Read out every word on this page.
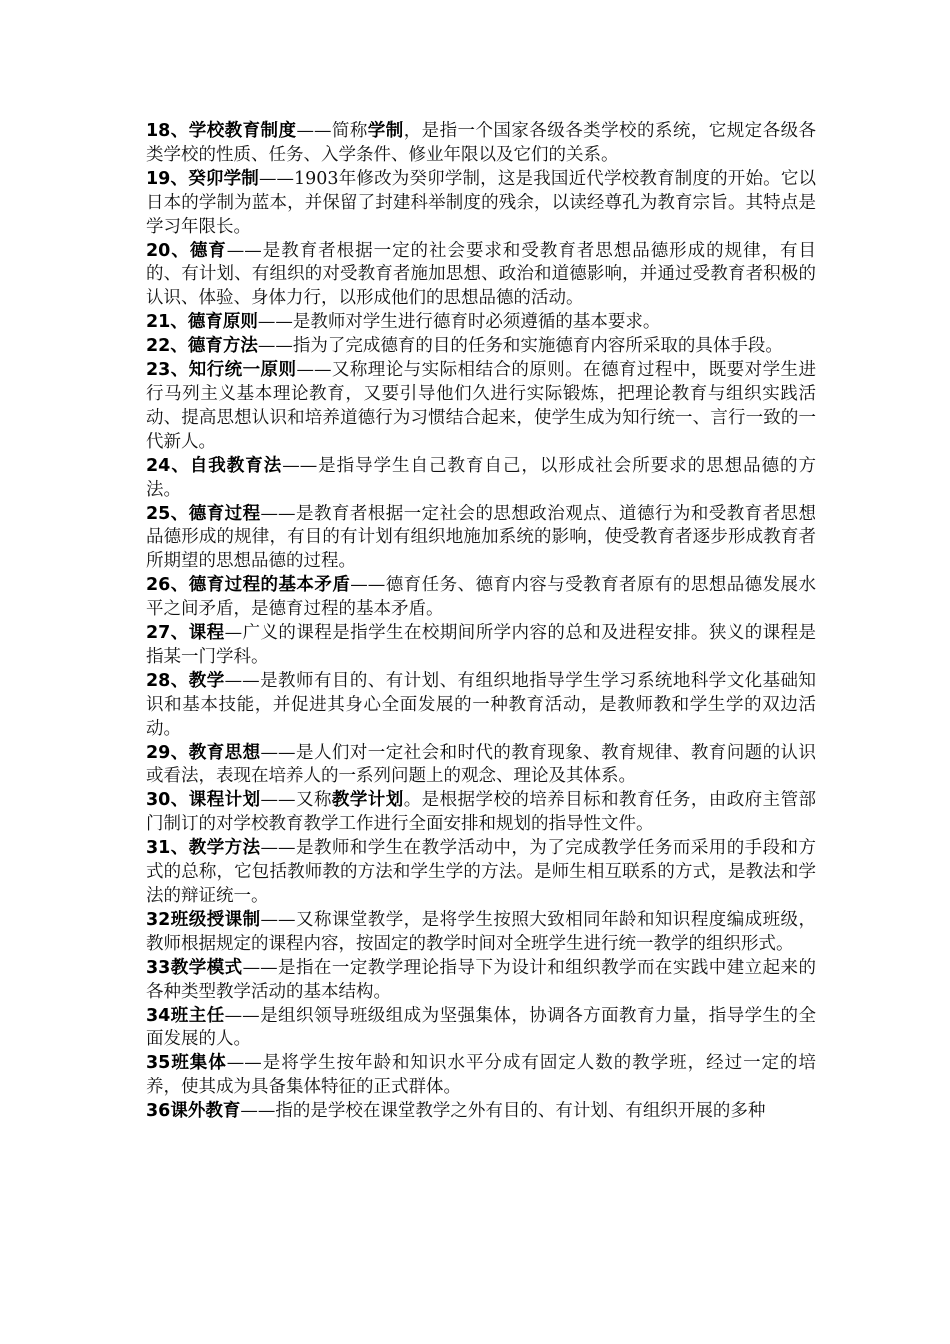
18、学校教育制度——简称学制，是指一个国家各级各类学校的系统，它规定各级各类学校的性质、任务、入学条件、修业年限以及它们的关系。

19、癸卯学制——1903年修改为癸卯学制，这是我国近代学校教育制度的开始。它以日本的学制为蓝本，并保留了封建科举制度的残余，以读经尊孔为教育宗旨。其特点是学习年限长。

20、德育——是教育者根据一定的社会要求和受教育者思想品德形成的规律，有目的、有计划、有组织的对受教育者施加思想、政治和道德影响，并通过受教育者积极的认识、体验、身体力行，以形成他们的思想品德的活动。

21、德育原则——是教师对学生进行德育时必须遵循的基本要求。

22、德育方法——指为了完成德育的目的任务和实施德育内容所采取的具体手段。

23、知行统一原则——又称理论与实际相结合的原则。在德育过程中，既要对学生进行马列主义基本理论教育，又要引导他们久进行实际锻炼，把理论教育与组织实践活动、提高思想认识和培养道德行为习惯结合起来，使学生成为知行统一、言行一致的一代新人。

24、自我教育法——是指导学生自己教育自己，以形成社会所要求的思想品德的方法。

25、德育过程——是教育者根据一定社会的思想政治观点、道德行为和受教育者思想品德形成的规律，有目的有计划有组织地施加系统的影响，使受教育者逐步形成教育者所期望的思想品德的过程。

26、德育过程的基本矛盾——德育任务、德育内容与受教育者原有的思想品德发展水平之间矛盾，是德育过程的基本矛盾。

27、课程—广义的课程是指学生在校期间所学内容的总和及进程安排。狭义的课程是指某一门学科。

28、教学——是教师有目的、有计划、有组织地指导学生学习系统地科学文化基础知识和基本技能，并促进其身心全面发展的一种教育活动，是教师教和学生学的双边活动。

29、教育思想——是人们对一定社会和时代的教育现象、教育规律、教育问题的认识或看法，表现在培养人的一系列问题上的观念、理论及其体系。

30、课程计划——又称教学计划。是根据学校的培养目标和教育任务，由政府主管部门制订的对学校教育教学工作进行全面安排和规划的指导性文件。

31、教学方法——是教师和学生在教学活动中，为了完成教学任务而采用的手段和方式的总称，它包括教师教的方法和学生学的方法。是师生相互联系的方式，是教法和学法的辩证统一。

32班级授课制——又称课堂教学，是将学生按照大致相同年龄和知识程度编成班级，教师根据规定的课程内容，按固定的教学时间对全班学生进行统一教学的组织形式。

33教学模式——是指在一定教学理论指导下为设计和组织教学而在实践中建立起来的各种类型教学活动的基本结构。

34班主任——是组织领导班级组成为坚强集体，协调各方面教育力量，指导学生的全面发展的人。

35班集体——是将学生按年龄和知识水平分成有固定人数的教学班，经过一定的培养，使其成为具备集体特征的正式群体。

36课外教育——指的是学校在课堂教学之外有目的、有计划、有组织开展的多种
